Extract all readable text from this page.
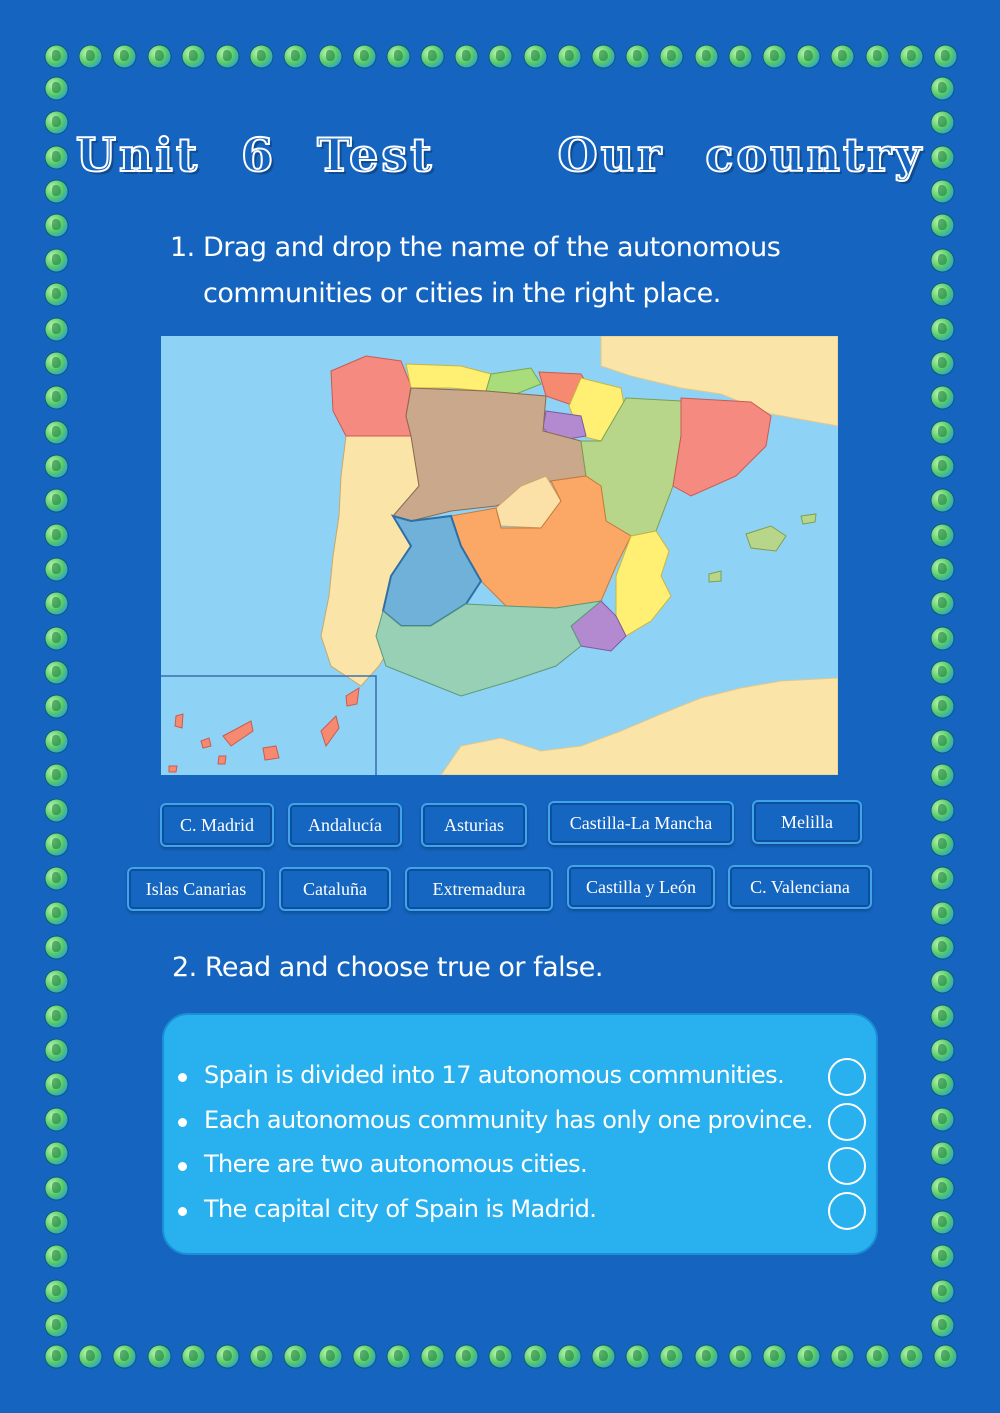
Unit 6 Test   Our country
1. Drag and drop the name of the autonomous
communities or cities in the right place.
C. Madrid	Andalucía	Asturias	Castilla-La Mancha	Melilla
Islas Canarias	Cataluña	Extremadura	Castilla y León	C. Valenciana
2. Read and choose true or false.
Spain is divided into 17 autonomous communities.
Each autonomous community has only one province.
There are two autonomous cities.
The capital city of Spain is Madrid.
